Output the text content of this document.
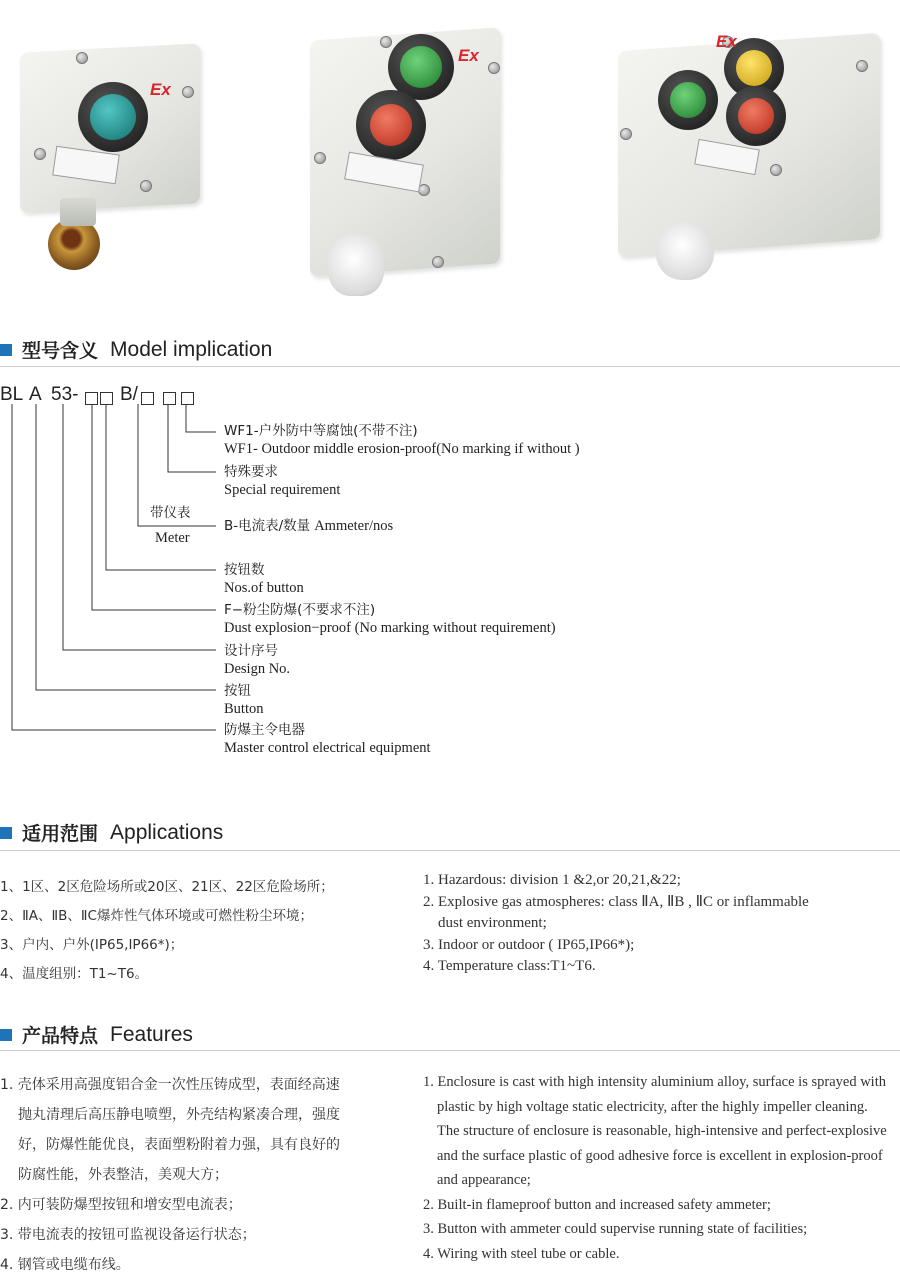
Ex
Ex
Ex
型号含义 Model implication
BL A 53- B/
WF1-户外防中等腐蚀(不带不注)
WF1- Outdoor middle erosion-proof(No marking if without )
特殊要求
Special requirement
带仪表
Meter
B-电流表/数量 Ammeter/nos
按钮数
Nos.of button
F−粉尘防爆(不要求不注)
Dust explosion−proof (No marking without requirement)
设计序号
Design No.
按钮
Button
防爆主令电器
Master control electrical equipment
适用范围 Applications
1、1区、2区危险场所或20区、21区、22区危险场所；
2、ⅡA、ⅡB、ⅡC爆炸性气体环境或可燃性粉尘环境；
3、户内、户外(IP65,IP66*)；
4、温度组别：T1~T6。
1. Hazardous: division 1 &2,or 20,21,&22;
2. Explosive gas atmospheres: class ⅡA, ⅡB , ⅡC or inflammable
dust environment;
3. Indoor or outdoor ( IP65,IP66*);
4. Temperature class:T1~T6.
产品特点 Features
1. 壳体采用高强度铝合金一次性压铸成型，表面经高速
抛丸清理后高压静电喷塑，外壳结构紧凑合理，强度
好，防爆性能优良，表面塑粉附着力强，具有良好的
防腐性能，外表整洁，美观大方；
2. 内可装防爆型按钮和增安型电流表；
3. 带电流表的按钮可监视设备运行状态；
4. 钢管或电缆布线。
1. Enclosure is cast with high intensity aluminium alloy, surface is sprayed with
plastic by high voltage static electricity, after the highly impeller cleaning.
The structure of enclosure is reasonable, high-intensive and perfect-explosive
and the surface plastic of good adhesive force is excellent in explosion-proof
and appearance;
2. Built-in flameproof button and increased safety ammeter;
3. Button with ammeter could supervise running state of facilities;
4. Wiring with steel tube or cable.
